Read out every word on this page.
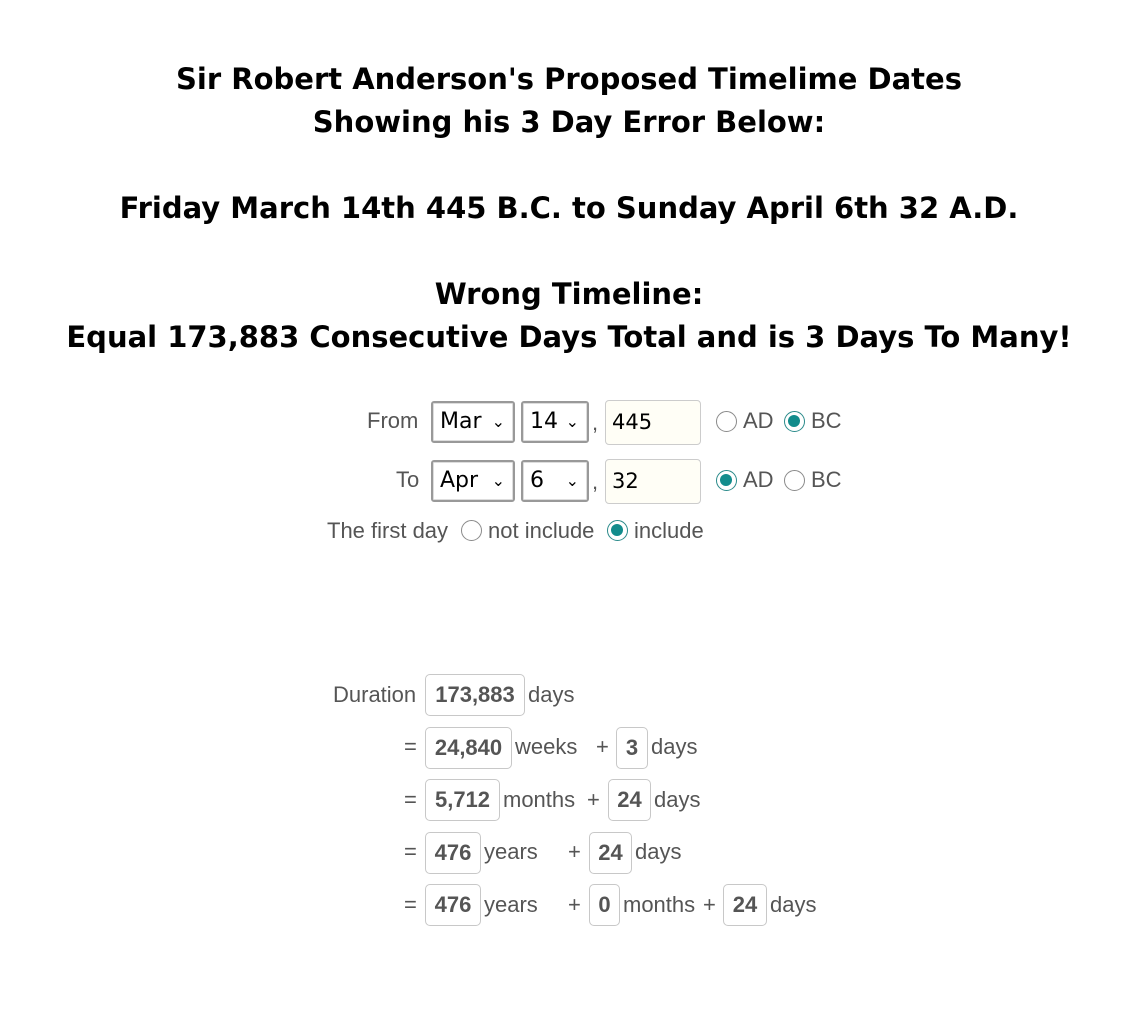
Sir Robert Anderson's Proposed Timelime Dates
Showing his 3 Day Error Below:
Friday March 14th 445 B.C. to Sunday April 6th 32 A.D.
Wrong Timeline:
Equal 173,883 Consecutive Days Total and is 3 Days To Many!
From Mar ⌄	14 ⌄ , 445	AD BC
To Apr ⌄	6 ⌄ , 32	AD BC
The first day not include include
Duration 173,883 days
= 24,840 weeks + 3 days
= 5,712 months + 24 days
= 476 years + 24 days
= 476 years + 0 months + 24 days
